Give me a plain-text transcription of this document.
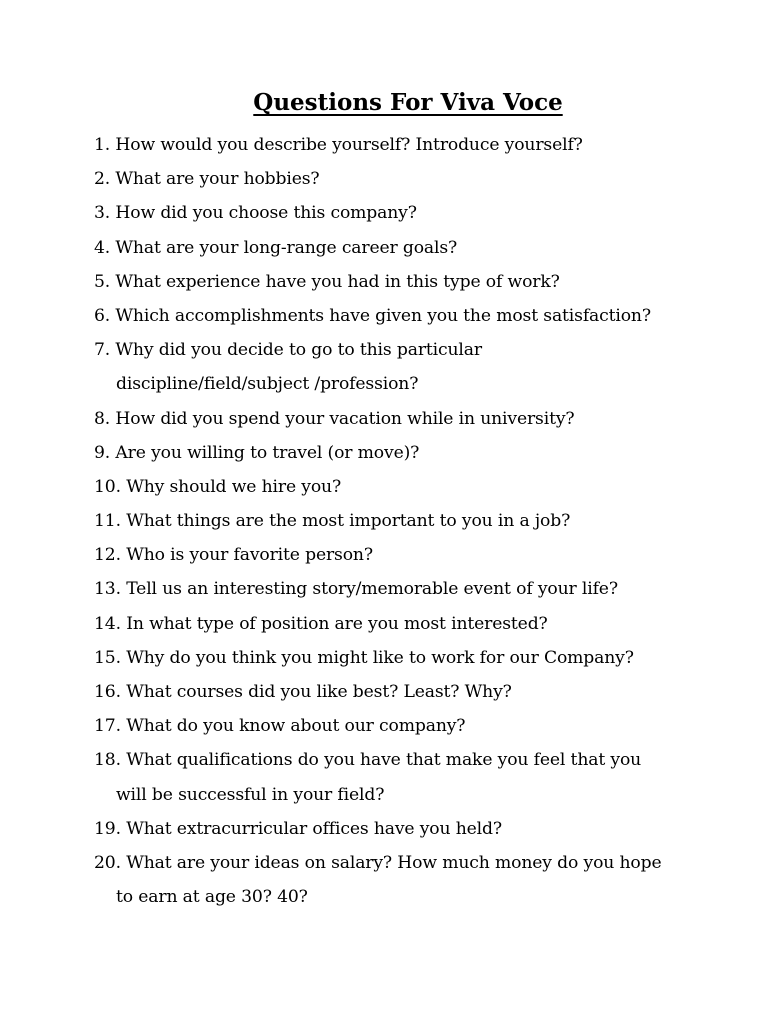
Questions For Viva Voce
1. How would you describe yourself? Introduce yourself?
2. What are your hobbies?
3. How did you choose this company?
4. What are your long-range career goals?
5. What experience have you had in this type of work?
6. Which accomplishments have given you the most satisfaction?
7. Why did you decide to go to this particular
discipline/field/subject /profession?
8. How did you spend your vacation while in university?
9. Are you willing to travel (or move)?
10. Why should we hire you?
11. What things are the most important to you in a job?
12. Who is your favorite person?
13. Tell us an interesting story/memorable event of your life?
14. In what type of position are you most interested?
15. Why do you think you might like to work for our Company?
16. What courses did you like best? Least? Why?
17. What do you know about our company?
18. What qualifications do you have that make you feel that you
will be successful in your field?
19. What extracurricular offices have you held?
20. What are your ideas on salary? How much money do you hope
to earn at age 30? 40?
